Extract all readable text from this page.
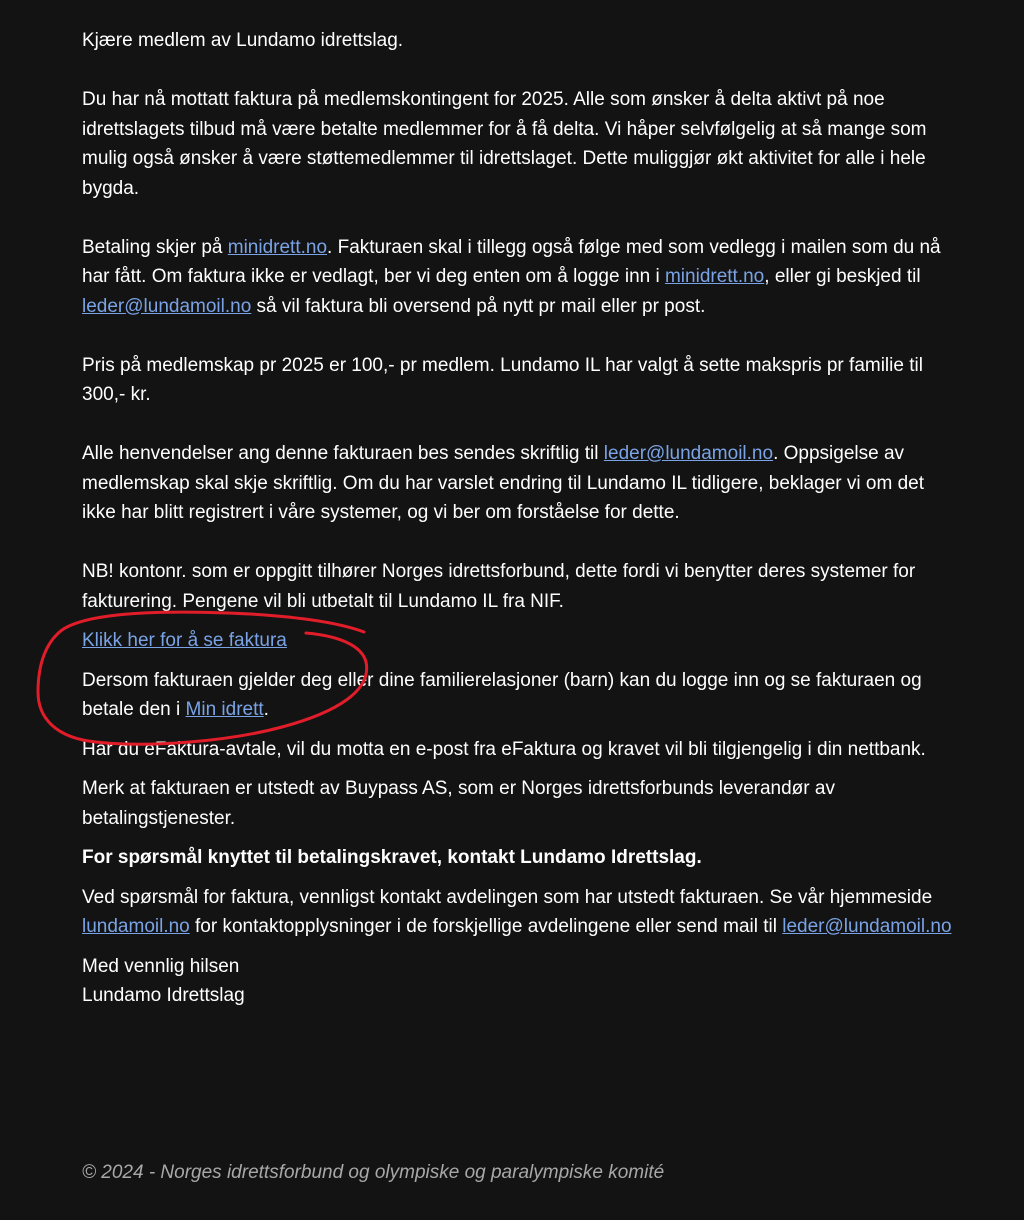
Kjære medlem av Lundamo idrettslag.

Du har nå mottatt faktura på medlemskontingent for 2025. Alle som ønsker å delta aktivt på noe idrettslagets tilbud må være betalte medlemmer for å få delta. Vi håper selvfølgelig at så mange som mulig også ønsker å være støttemedlemmer til idrettslaget. Dette muliggjør økt aktivitet for alle i hele bygda.

Betaling skjer på minidrett.no. Fakturaen skal i tillegg også følge med som vedlegg i mailen som du nå har fått. Om faktura ikke er vedlagt, ber vi deg enten om å logge inn i minidrett.no, eller gi beskjed til leder@lundamoil.no så vil faktura bli oversend på nytt pr mail eller pr post.

Pris på medlemskap pr 2025 er 100,- pr medlem. Lundamo IL har valgt å sette makspris pr familie til 300,- kr.

Alle henvendelser ang denne fakturaen bes sendes skriftlig til leder@lundamoil.no. Oppsigelse av medlemskap skal skje skriftlig. Om du har varslet endring til Lundamo IL tidligere, beklager vi om det ikke har blitt registrert i våre systemer, og vi ber om forståelse for dette.

NB! kontonr. som er oppgitt tilhører Norges idrettsforbund, dette fordi vi benytter deres systemer for fakturering. Pengene vil bli utbetalt til Lundamo IL fra NIF.

Klikk her for å se faktura

Dersom fakturaen gjelder deg eller dine familierelasjoner (barn) kan du logge inn og se fakturaen og betale den i Min idrett.

Har du eFaktura-avtale, vil du motta en e-post fra eFaktura og kravet vil bli tilgjengelig i din nettbank.

Merk at fakturaen er utstedt av Buypass AS, som er Norges idrettsforbunds leverandør av betalingstjenester.

For spørsmål knyttet til betalingskravet, kontakt Lundamo Idrettslag.

Ved spørsmål for faktura, vennligst kontakt avdelingen som har utstedt fakturaen. Se vår hjemmeside lundamoil.no for kontaktopplysninger i de forskjellige avdelingene eller send mail til leder@lundamoil.no

Med vennlig hilsen

Lundamo Idrettslag

© 2024 - Norges idrettsforbund og olympiske og paralympiske komité
